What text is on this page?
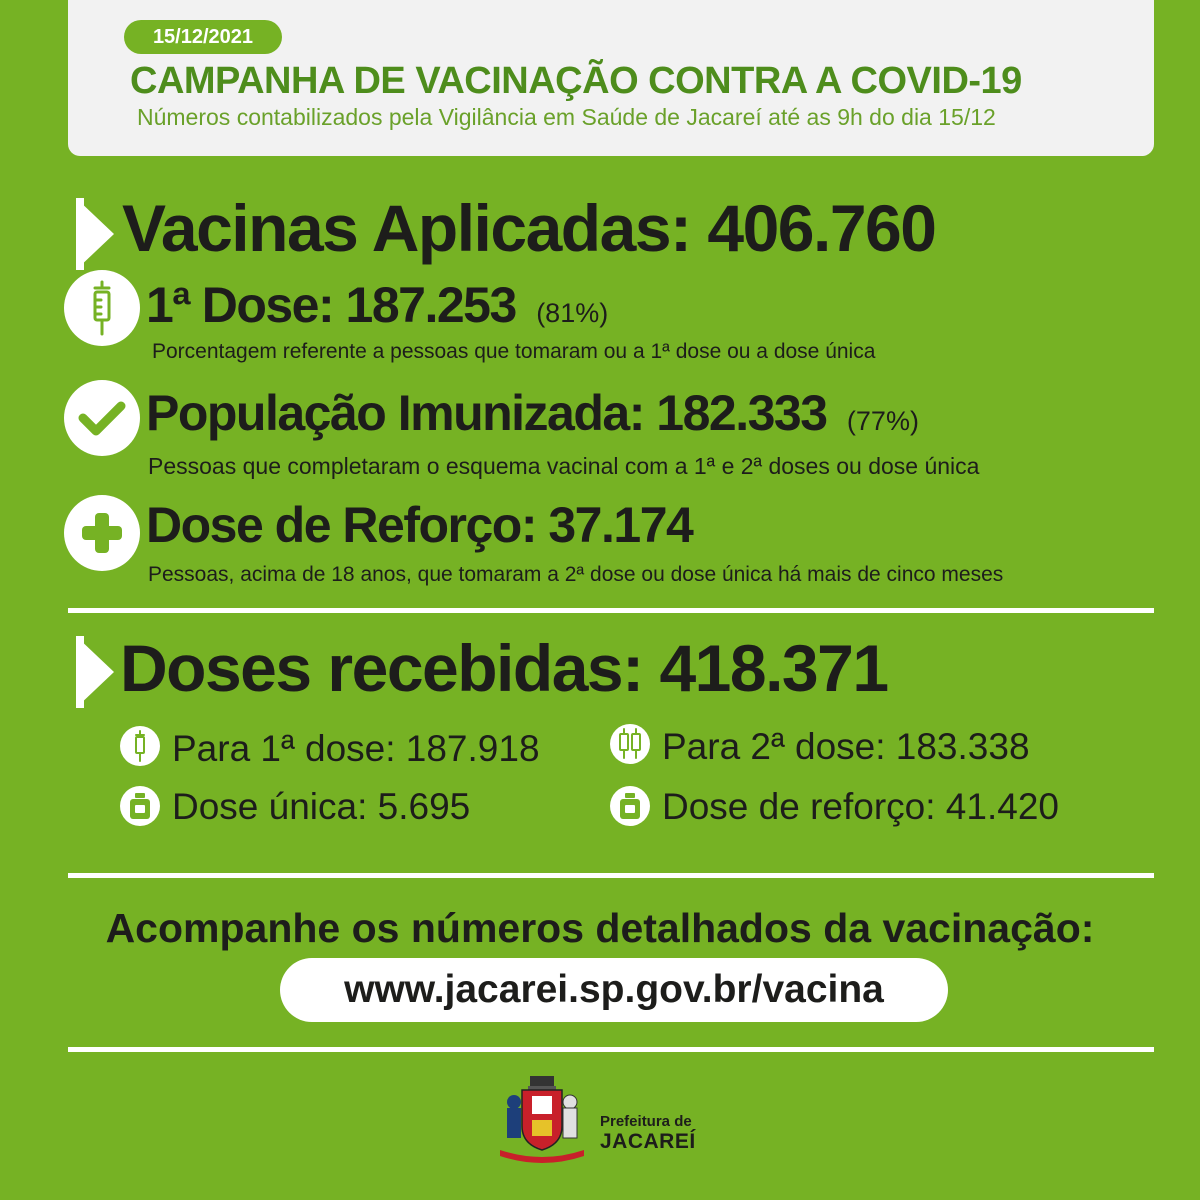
15/12/2021
CAMPANHA DE VACINAÇÃO CONTRA A COVID-19
Números contabilizados pela Vigilância em Saúde de Jacareí até as 9h do dia 15/12
Vacinas Aplicadas: 406.760
1ª Dose: 187.253 (81%)
Porcentagem referente a pessoas que tomaram ou a 1ª dose ou a dose única
População Imunizada: 182.333 (77%)
Pessoas que completaram o esquema vacinal com a 1ª e 2ª doses ou dose única
Dose de Reforço: 37.174
Pessoas, acima de 18 anos, que tomaram a 2ª dose ou dose única há mais de cinco meses
Doses recebidas: 418.371
Para 1ª dose: 187.918	Para 2ª dose: 183.338
Dose única: 5.695	Dose de reforço: 41.420
Acompanhe os números detalhados da vacinação:
www.jacarei.sp.gov.br/vacina
Prefeitura de
JACAREÍ
